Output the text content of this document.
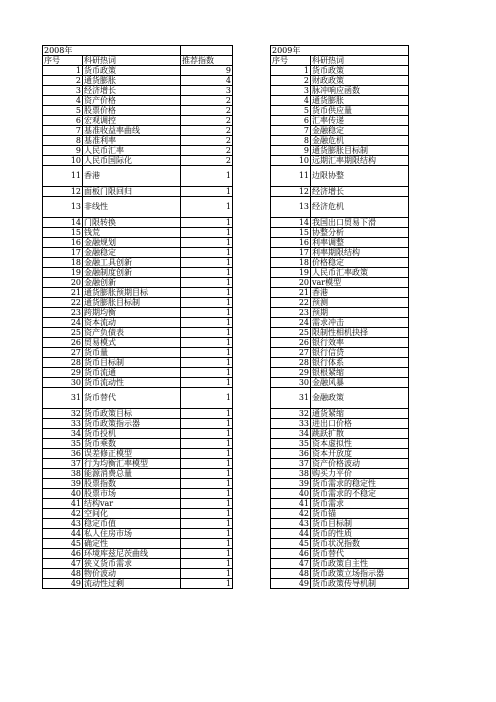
2008年				2009年	
序号	科研热词	推荐指数		序号	科研热词
1	货币政策	9		1	货币政策
2	通货膨胀	4		2	财政政策
3	经济增长	3		3	脉冲响应函数
4	资产价格	2		4	通货膨胀
5	股票价格	2		5	货币供应量
6	宏观调控	2		6	汇率传递
7	基准收益率曲线	2		7	金融稳定
8	基准利率	2		8	金融危机
9	人民币汇率	2		9	通货膨胀目标制
10	人民币国际化	2		10	远期汇率期限结构
11	香港	1		11	边限协整
12	面板门限回归	1		12	经济增长
13	非线性	1		13	经济危机
14	门限转换	1		14	我国出口贸易下滑
15	钱荒	1		15	协整分析
16	金融规划	1		16	利率调整
17	金融稳定	1		17	利率期限结构
18	金融工具创新	1		18	价格稳定
19	金融制度创新	1		19	人民币汇率政策
20	金融创新	1		20	var模型
21	通货膨胀预期目标	1		21	香港
22	通货膨胀目标制	1		22	预测
23	跨期均衡	1		23	预期
24	资本流动	1		24	需求冲击
25	资产负债表	1		25	限制性相机抉择
26	贸易模式	1		26	银行效率
27	货币量	1		27	银行信贷
28	货币目标制	1		28	银行体系
29	货币流通	1		29	银根紧缩
30	货币流动性	1		30	金融风暴
31	货币替代	1		31	金融政策
32	货币政策目标	1		32	通货紧缩
33	货币政策指示器	1		33	进出口价格
34	货币投机	1		34	跳跃扩散
35	货币乘数	1		35	资本虚拟性
36	误差修正模型	1		36	资本开放度
37	行为均衡汇率模型	1		37	资产价格波动
38	能源消费总量	1		38	购买力平价
39	股票指数	1		39	货币需求的稳定性
40	股票市场	1		40	货币需求的不稳定
41	结构var	1		41	货币需求
42	空间化	1		42	货币锚
43	稳定币值	1		43	货币目标制
44	私人住房市场	1		44	货币的性质
45	确定性	1		45	货币状况指数
46	环境库兹尼茨曲线	1		46	货币替代
47	狭义货币需求	1		47	货币政策自主性
48	物价波动	1		48	货币政策立场指示器
49	流动性过剩	1		49	货币政策传导机制
